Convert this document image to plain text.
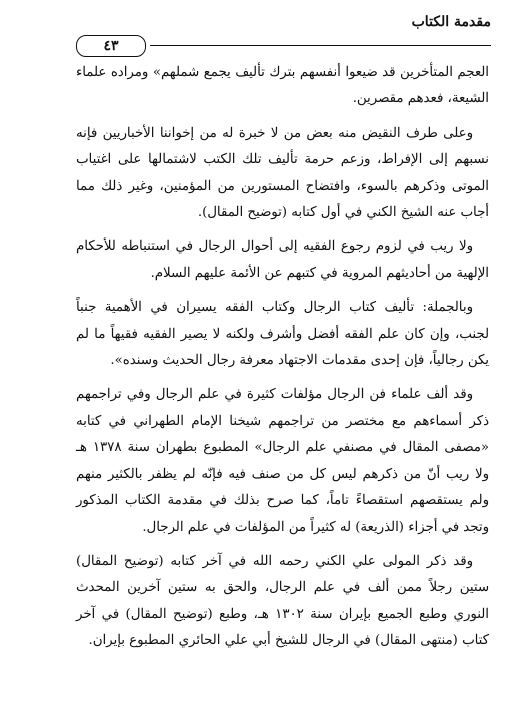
مقدمة الكتاب
٤٣

العجم المتأخرين قد ضيعوا أنفسهم بترك تأليف يجمع شملهم» ومراده علماء الشيعة، فعدهم مقصرين.

وعلى طرف النقيض منه بعض من لا خبرة له من إخواننا الأخباريين فإنه نسبهم إلى الإفراط، وزعم حرمة تأليف تلك الكتب لاشتمالها على اغتياب الموتى وذكرهم بالسوء، وافتضاح المستورين من المؤمنين، وغير ذلك مما أجاب عنه الشيخ الكني في أول كتابه (توضيح المقال).

ولا ريب في لزوم رجوع الفقيه إلى أحوال الرجال في استنباطه للأحكام الإلهية من أحاديثهم المروية في كتبهم عن الأئمة عليهم السلام.

وبالجملة: تأليف كتاب الرجال وكتاب الفقه يسيران في الأهمية جنباً لجنب، وإن كان علم الفقه أفضل وأشرف ولكنه لا يصير الفقيه فقيهاً ما لم يكن رجالياً، فإن إحدى مقدمات الاجتهاد معرفة رجال الحديث وسنده».

وقد ألف علماء فن الرجال مؤلفات كثيرة في علم الرجال وفي تراجمهم ذكر أسماءهم مع مختصر من تراجمهم شيخنا الإمام الطهراني في كتابه «مصفى المقال في مصنفي علم الرجال» المطبوع بطهران سنة ١٣٧٨ هـ ولا ريب أنّ من ذكرهم ليس كل من صنف فيه فإنّه لم يظفر بالكثير منهم ولم يستقصهم استقصاءً تاماً، كما صرح بذلك في مقدمة الكتاب المذكور وتجد في أجزاء (الذريعة) له كثيراً من المؤلفات في علم الرجال.

وقد ذكر المولى علي الكني رحمه الله في آخر كتابه (توضيح المقال) ستين رجلاً ممن ألف في علم الرجال، والحق به ستين آخرين المحدث النوري وطبع الجميع بإيران سنة ١٣٠٢ هـ، وطبع (توضيح المقال) في آخر كتاب (منتهى المقال) في الرجال للشيخ أبي علي الحائري المطبوع بإيران.
